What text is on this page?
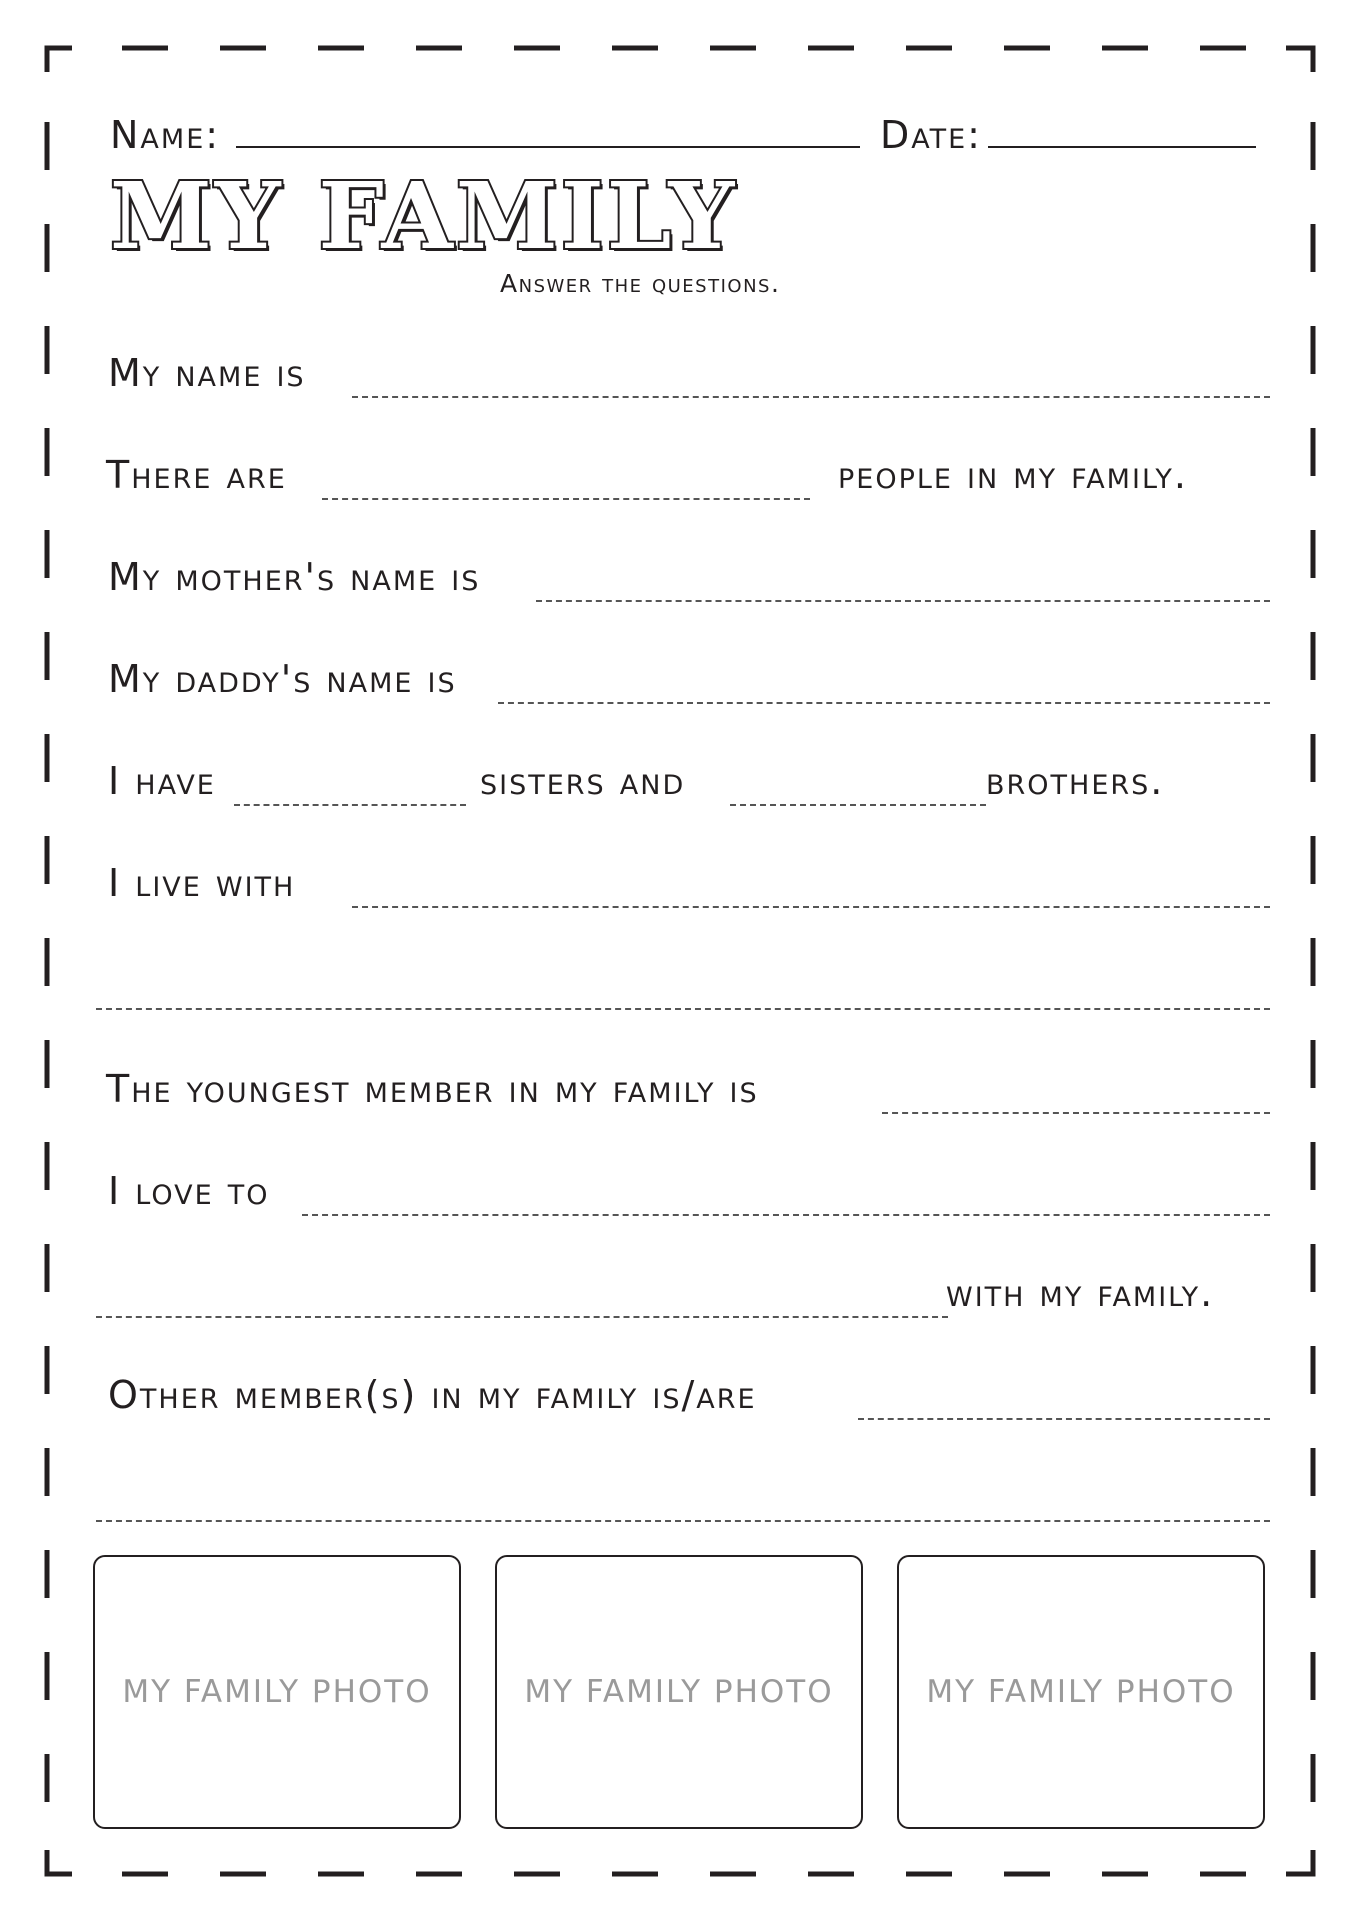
Name:	Date:
MY FAMILY
Answer the questions.
My name is
There are	people in my family.
My mother's name is
My daddy's name is
I have	sisters and	brothers.
I live with
The youngest member in my family is
I love to
with my family.
Other member(s) in my family is/are
MY FAMILY PHOTO	MY FAMILY PHOTO	MY FAMILY PHOTO
